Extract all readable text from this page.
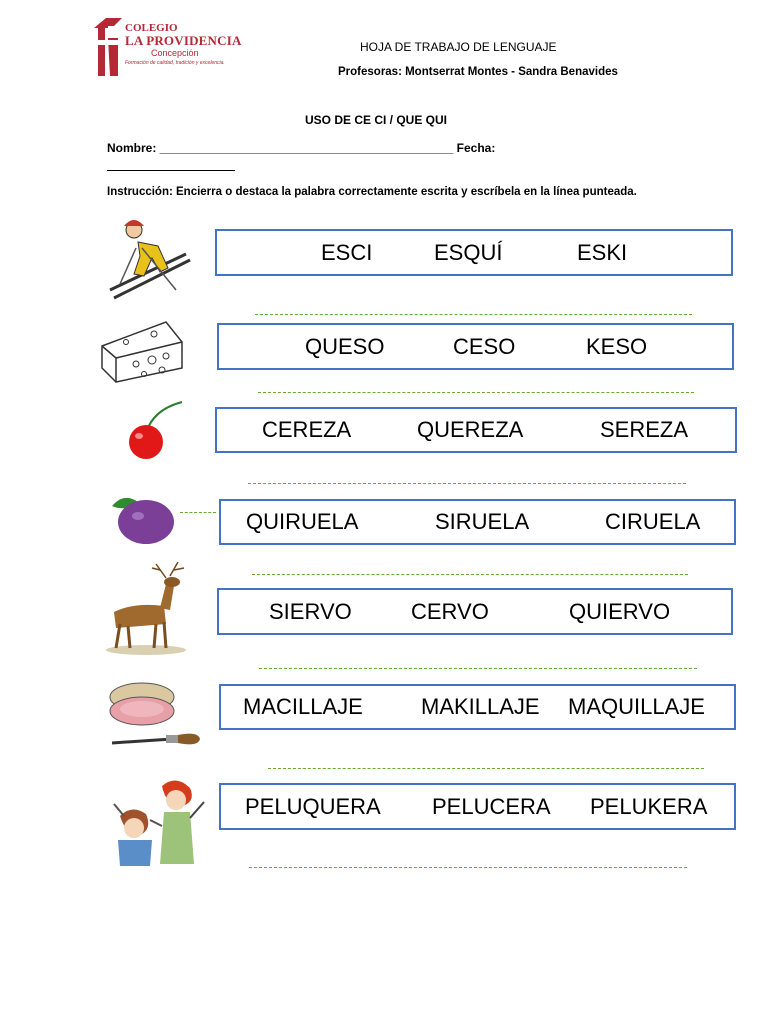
COLEGIO
LA PROVIDENCIA
Concepción
Formación de calidad, tradición y excelencia.
HOJA DE TRABAJO DE LENGUAJE
Profesoras: Montserrat Montes - Sandra Benavides
USO DE CE CI / QUE QUI
Nombre: ____________________________________________ Fecha:
Instrucción: Encierra o destaca la palabra correctamente escrita y escríbela en la línea punteada.
ESCI	ESQUÍ	ESKI
QUESO	CESO	KESO
CEREZA	QUEREZA	SEREZA
QUIRUELA	SIRUELA	CIRUELA
SIERVO	CERVO	QUIERVO
MACILLAJE	MAKILLAJE MAQUILLAJE
PELUQUERA PELUCERA PELUKERA
